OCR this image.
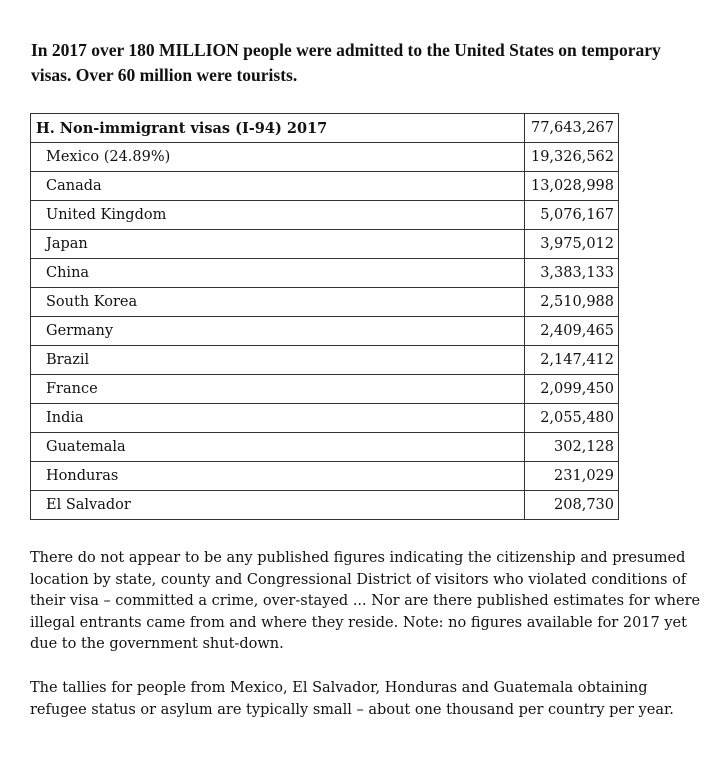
In 2017 over 180 MILLION people were admitted to the United States on temporary visas. Over 60 million were tourists.

H. Non-immigrant visas (I-94) 2017	77,643,267
Mexico (24.89%)	19,326,562
Canada	13,028,998
United Kingdom	5,076,167
Japan	3,975,012
China	3,383,133
South Korea	2,510,988
Germany	2,409,465
Brazil	2,147,412
France	2,099,450
India	2,055,480
Guatemala	302,128
Honduras	231,029
El Salvador	208,730

There do not appear to be any published figures indicating the citizenship and presumed location by state, county and Congressional District of visitors who violated conditions of their visa – committed a crime, over-stayed ... Nor are there published estimates for where illegal entrants came from and where they reside. Note: no figures available for 2017 yet due to the government shut-down.

The tallies for people from Mexico, El Salvador, Honduras and Guatemala obtaining refugee status or asylum are typically small – about one thousand per country per year.
